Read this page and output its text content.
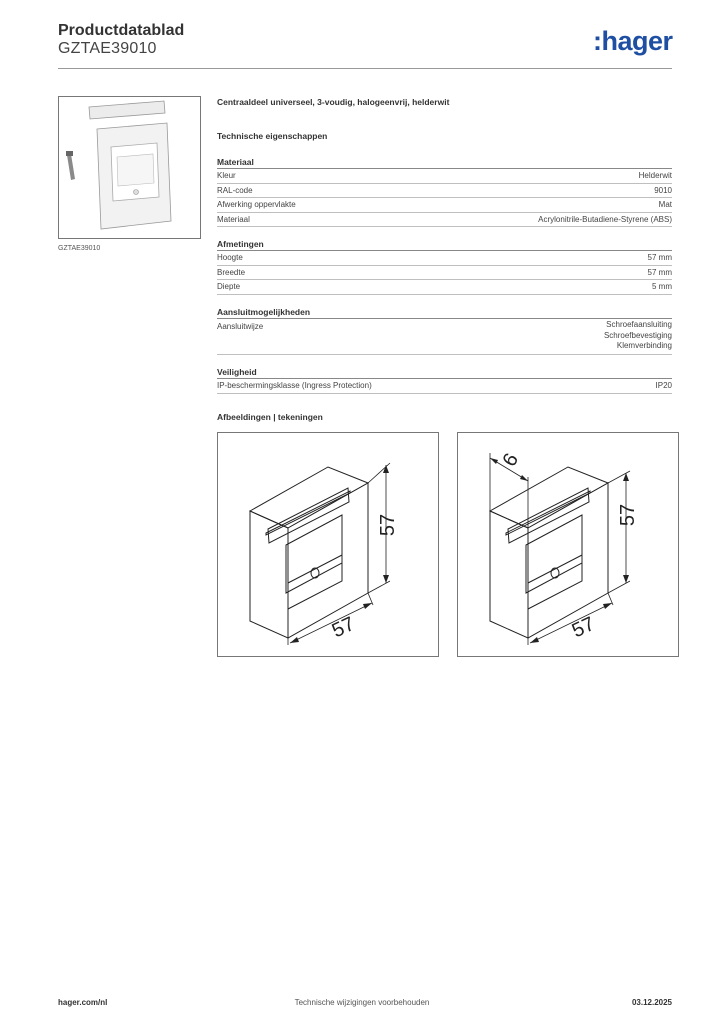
Productdatablad
GZTAE39010	:hager
GZTAE39010
Centraaldeel universeel, 3-voudig, halogeenvrij, helderwit
Technische eigenschappen
Materiaal
Kleur	Helderwit
RAL-code	9010
Afwerking oppervlakte	Mat
Materiaal	Acrylonitrile-Butadiene-Styrene (ABS)
Afmetingen
Hoogte	57 mm
Breedte	57 mm
Diepte	5 mm
Aansluitmogelijkheden
Aansluitwijze	Schroefaansluiting
Schroefbevestiging
Klemverbinding
Veiligheid
IP-beschermingsklasse (Ingress Protection)	IP20
Afbeeldingen | tekeningen
57
57
6
57
57
hager.com/nl	Technische wijzigingen voorbehouden	03.12.2025
